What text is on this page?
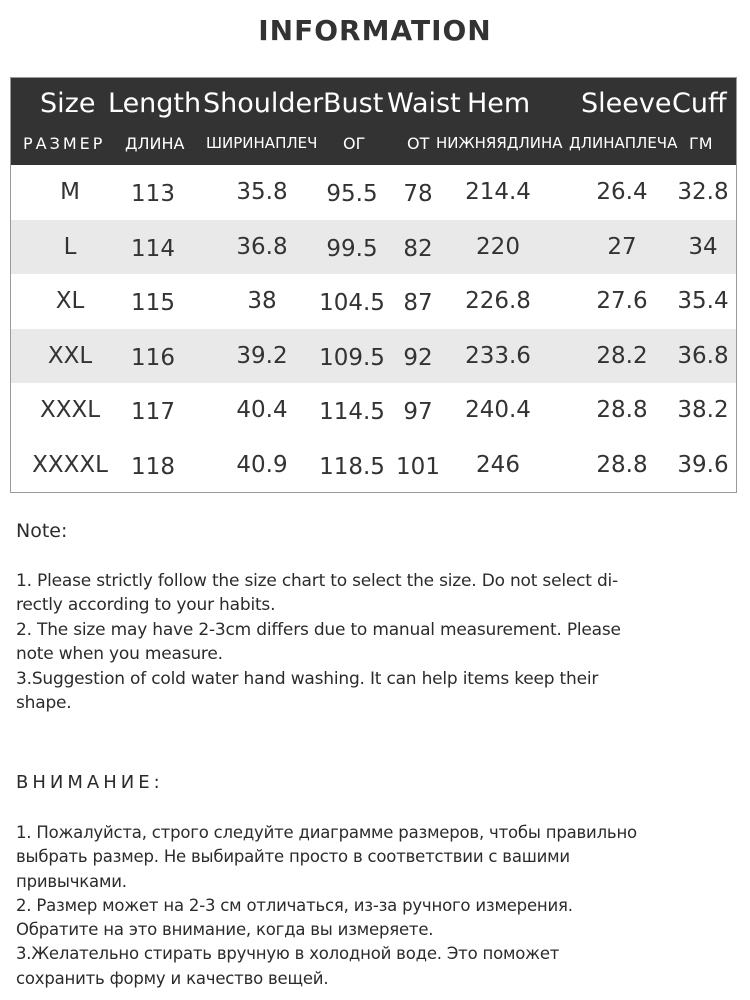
INFORMATION
Size Length Shoulder Bust Waist Hem Sleeve Cuff
РАЗМЕР ДЛИНА ШИРИНАПЛЕЧ ОГ	ОТ НИЖНЯЯДЛИНА ДЛИНАПЛЕЧА ГМ
M 113	35.8 95.5 78 214.4	26.4 32.8
L 114	36.8 99.5 82 220	27 34
XL 115	38 104.5 87 226.8	27.6 35.4
XXL 116	39.2 109.5 92 233.6	28.2 36.8
XXXL 117	40.4 114.5 97 240.4	28.8 38.2
XXXXL 118	40.9 118.5 101 246	28.8 39.6
Note:
1. Please strictly follow the size chart to select the size. Do not select di-
rectly according to your habits.
2. The size may have 2-3cm differs due to manual measurement. Please
note when you measure.
3.Suggestion of cold water hand washing. It can help items keep their
shape.
ВНИМАНИЕ:
1. Пожалуйста, строго следуйте диаграмме размеров, чтобы правильно
выбрать размер. Не выбирайте просто в соответствии с вашими
привычками.
2. Размер может на 2-3 см отличаться, из-за ручного измерения.
Обратите на это внимание, когда вы измеряете.
3.Желательно стирать вручную в холодной воде. Это поможет
сохранить форму и качество вещей.
